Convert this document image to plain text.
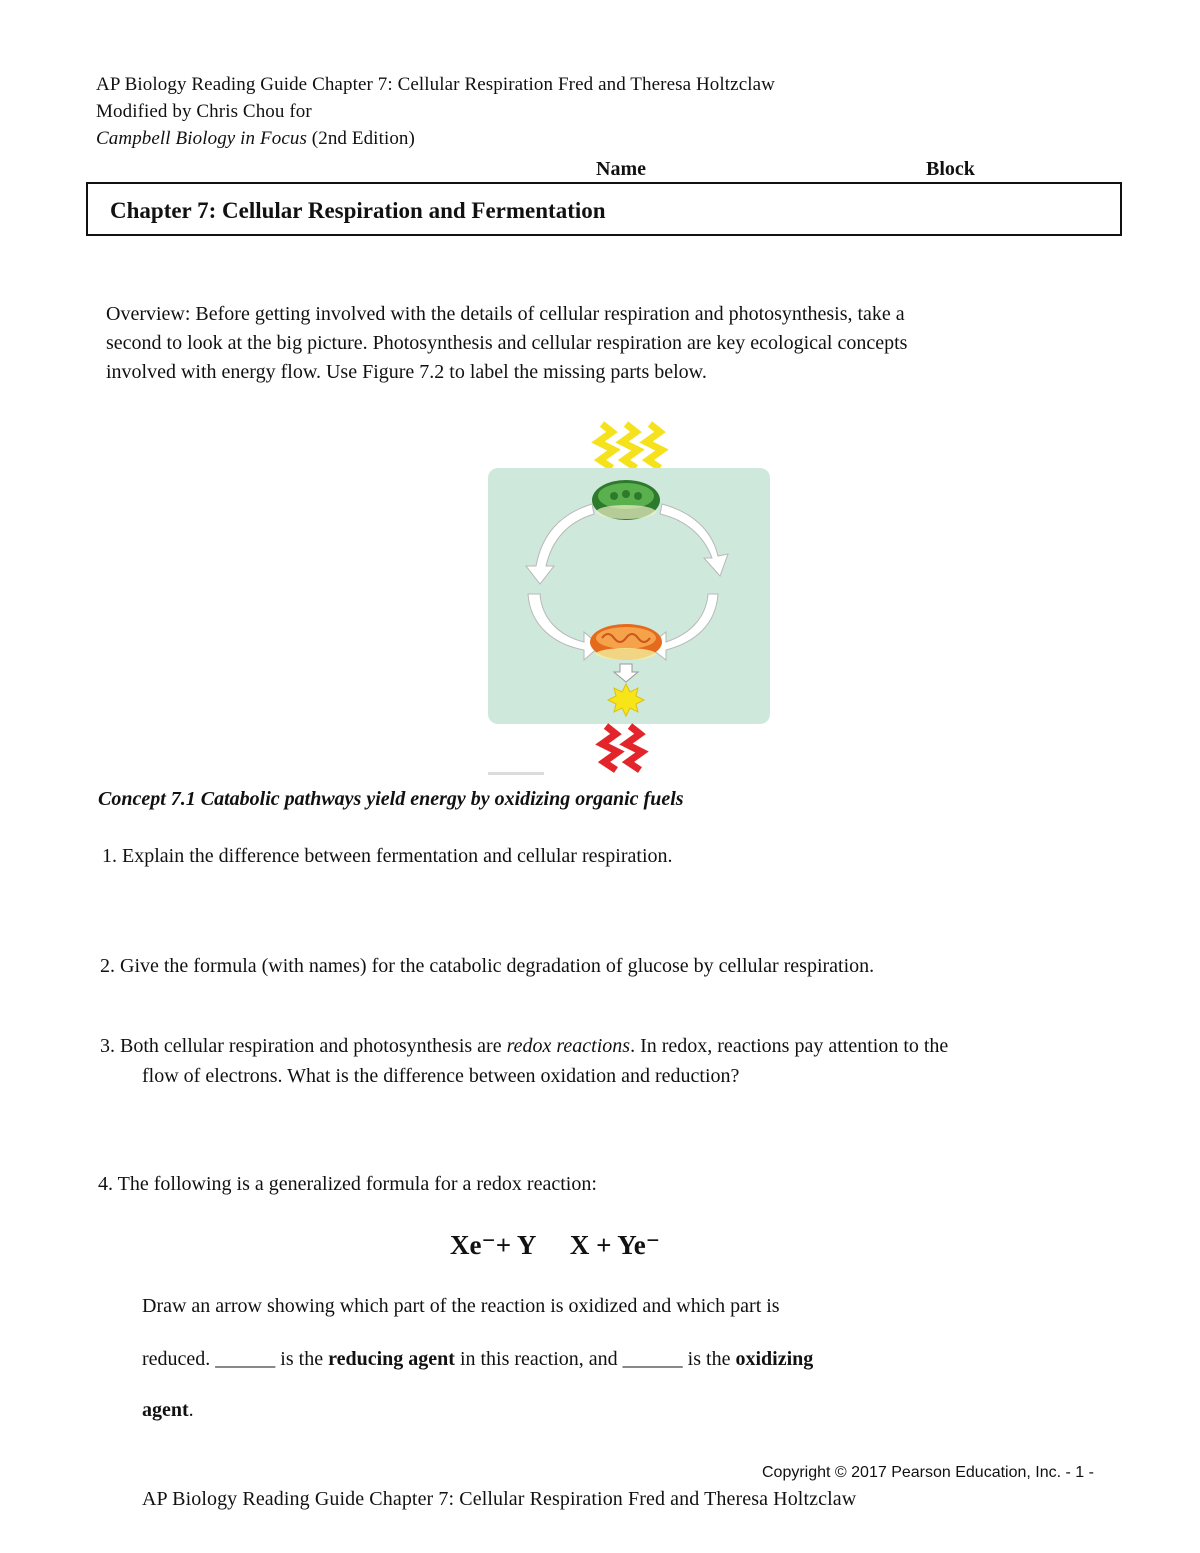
AP Biology Reading Guide Chapter 7: Cellular Respiration Fred and Theresa Holtzclaw
Modified by Chris Chou for
Campbell Biology in Focus (2nd Edition)
Name	Block
Chapter 7: Cellular Respiration and Fermentation
Overview: Before getting involved with the details of cellular respiration and photosynthesis, take a
second to look at the big picture. Photosynthesis and cellular respiration are key ecological concepts
involved with energy flow. Use Figure 7.2 to label the missing parts below.
Concept 7.1 Catabolic pathways yield energy by oxidizing organic fuels
1. Explain the difference between fermentation and cellular respiration.
2. Give the formula (with names) for the catabolic degradation of glucose by cellular respiration.
3. Both cellular respiration and photosynthesis are redox reactions. In redox, reactions pay attention to the
flow of electrons. What is the difference between oxidation and reduction?
4. The following is a generalized formula for a redox reaction:
Xe⁻+ Y X + Ye⁻
Draw an arrow showing which part of the reaction is oxidized and which part is
reduced. ______ is the reducing agent in this reaction, and ______ is the oxidizing
agent.
Copyright © 2017 Pearson Education, Inc. - 1 -
AP Biology Reading Guide Chapter 7: Cellular Respiration Fred and Theresa Holtzclaw
